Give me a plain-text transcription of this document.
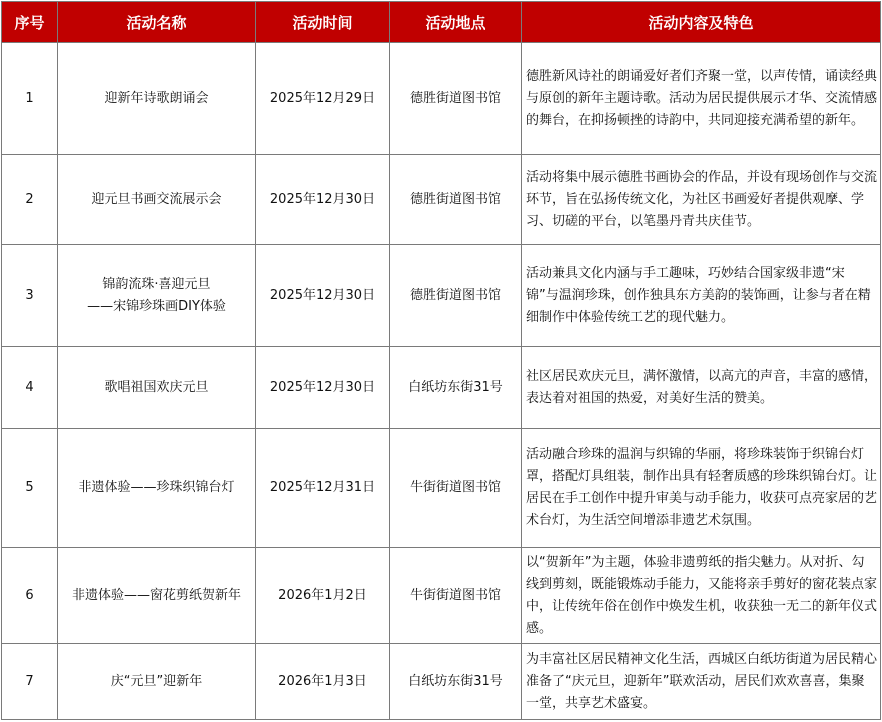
序号	活动名称	活动时间	活动地点	活动内容及特色
1	迎新年诗歌朗诵会	2025年12月29日	德胜街道图书馆	德胜新风诗社的朗诵爱好者们齐聚一堂，以声传情，诵读经典与原创的新年主题诗歌。活动为居民提供展示才华、交流情感的舞台，在抑扬顿挫的诗韵中，共同迎接充满希望的新年。
2	迎元旦书画交流展示会	2025年12月30日	德胜街道图书馆	活动将集中展示德胜书画协会的作品，并设有现场创作与交流环节，旨在弘扬传统文化，为社区书画爱好者提供观摩、学习、切磋的平台，以笔墨丹青共庆佳节。
3	锦韵流珠·喜迎元旦
——宋锦珍珠画DIY体验	2025年12月30日	德胜街道图书馆	活动兼具文化内涵与手工趣味，巧妙结合国家级非遗“宋锦”与温润珍珠，创作独具东方美韵的装饰画，让参与者在精细制作中体验传统工艺的现代魅力。
4	歌唱祖国欢庆元旦	2025年12月30日	白纸坊东街31号	社区居民欢庆元旦，满怀激情，以高亢的声音，丰富的感情，表达着对祖国的热爱，对美好生活的赞美。
5	非遗体验——珍珠织锦台灯	2025年12月31日	牛街街道图书馆	活动融合珍珠的温润与织锦的华丽，将珍珠装饰于织锦台灯罩，搭配灯具组装，制作出具有轻奢质感的珍珠织锦台灯。让居民在手工创作中提升审美与动手能力，收获可点亮家居的艺术台灯，为生活空间增添非遗艺术氛围。
6	非遗体验——窗花剪纸贺新年	2026年1月2日	牛街街道图书馆	以“贺新年”为主题，体验非遗剪纸的指尖魅力。从对折、勾线到剪刻，既能锻炼动手能力，又能将亲手剪好的窗花装点家中，让传统年俗在创作中焕发生机，收获独一无二的新年仪式感。
7	庆“元旦”迎新年	2026年1月3日	白纸坊东街31号	为丰富社区居民精神文化生活，西城区白纸坊街道为居民精心准备了“庆元旦，迎新年”联欢活动，居民们欢欢喜喜，集聚一堂，共享艺术盛宴。
